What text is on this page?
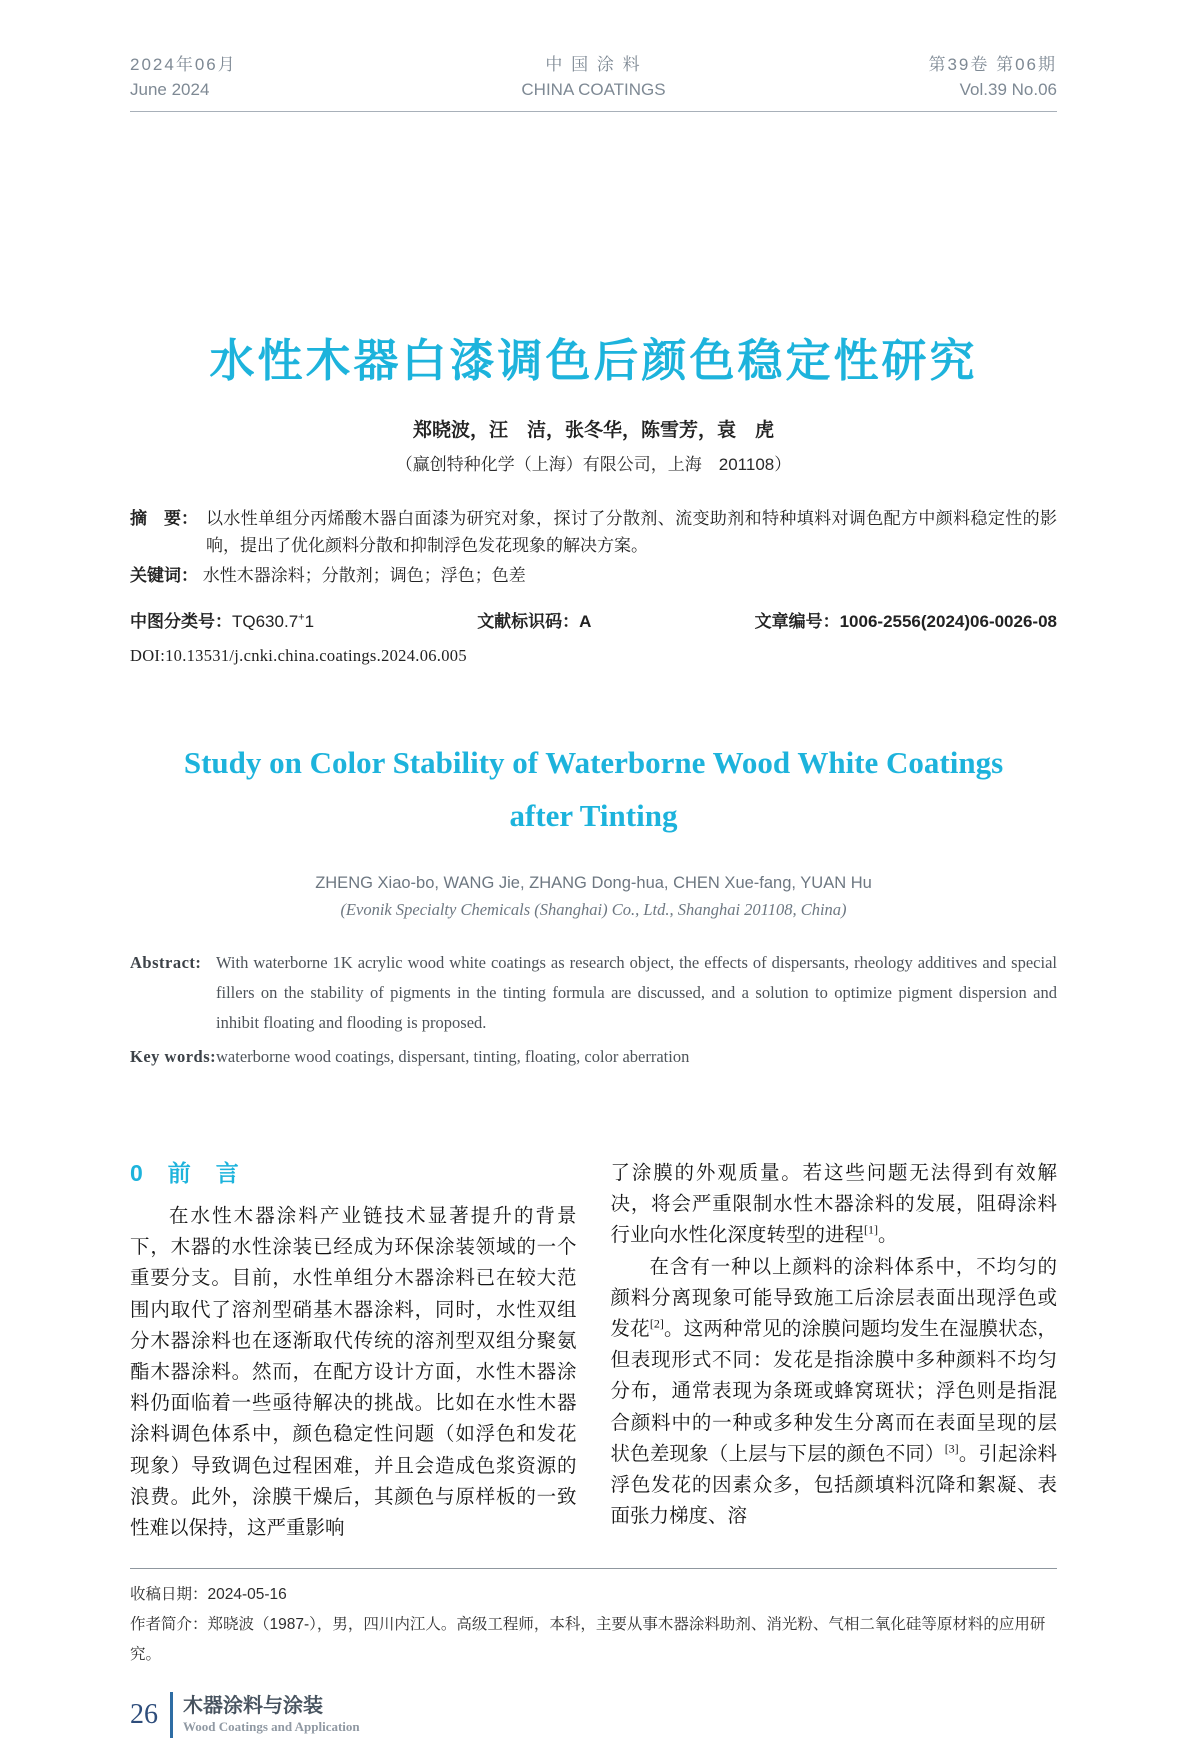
2024年06月
June 2024
中 国 涂 料
CHINA COATINGS
第39卷 第06期
Vol.39 No.06
水性木器白漆调色后颜色稳定性研究
郑晓波，汪　洁，张冬华，陈雪芳，袁　虎
（赢创特种化学（上海）有限公司，上海　201108）
摘　要： 以水性单组分丙烯酸木器白面漆为研究对象，探讨了分散剂、流变助剂和特种填料对调色配方中颜料稳定性的影响，提出了优化颜料分散和抑制浮色发花现象的解决方案。
关键词： 水性木器涂料；分散剂；调色；浮色；色差
中图分类号：TQ630.7+1	文献标识码：A	文章编号：1006-2556(2024)06-0026-08
DOI:10.13531/j.cnki.china.coatings.2024.06.005
Study on Color Stability of Waterborne Wood White Coatings after Tinting
ZHENG Xiao-bo, WANG Jie, ZHANG Dong-hua, CHEN Xue-fang, YUAN Hu
(Evonik Specialty Chemicals (Shanghai) Co., Ltd., Shanghai 201108, China)
Abstract: With waterborne 1K acrylic wood white coatings as research object, the effects of dispersants, rheology additives and special fillers on the stability of pigments in the tinting formula are discussed, and a solution to optimize pigment dispersion and inhibit floating and flooding is proposed.
Key words: waterborne wood coatings, dispersant, tinting, floating, color aberration
0　前　言

在水性木器涂料产业链技术显著提升的背景下，木器的水性涂装已经成为环保涂装领域的一个重要分支。目前，水性单组分木器涂料已在较大范围内取代了溶剂型硝基木器涂料，同时，水性双组分木器涂料也在逐渐取代传统的溶剂型双组分聚氨酯木器涂料。然而，在配方设计方面，水性木器涂料仍面临着一些亟待解决的挑战。比如在水性木器涂料调色体系中，颜色稳定性问题（如浮色和发花现象）导致调色过程困难，并且会造成色浆资源的浪费。此外，涂膜干燥后，其颜色与原样板的一致性难以保持，这严重影响

了涂膜的外观质量。若这些问题无法得到有效解决，将会严重限制水性木器涂料的发展，阻碍涂料行业向水性化深度转型的进程[1]。

在含有一种以上颜料的涂料体系中，不均匀的颜料分离现象可能导致施工后涂层表面出现浮色或发花[2]。这两种常见的涂膜问题均发生在湿膜状态，但表现形式不同：发花是指涂膜中多种颜料不均匀分布，通常表现为条斑或蜂窝斑状；浮色则是指混合颜料中的一种或多种发生分离而在表面呈现的层状色差现象（上层与下层的颜色不同）[3]。引起涂料浮色发花的因素众多，包括颜填料沉降和絮凝、表面张力梯度、溶

收稿日期：2024-05-16
作者简介：郑晓波（1987-），男，四川内江人。高级工程师，本科，主要从事木器涂料助剂、消光粉、气相二氧化硅等原材料的应用研究。
26	木器涂料与涂装
Wood Coatings and Application
